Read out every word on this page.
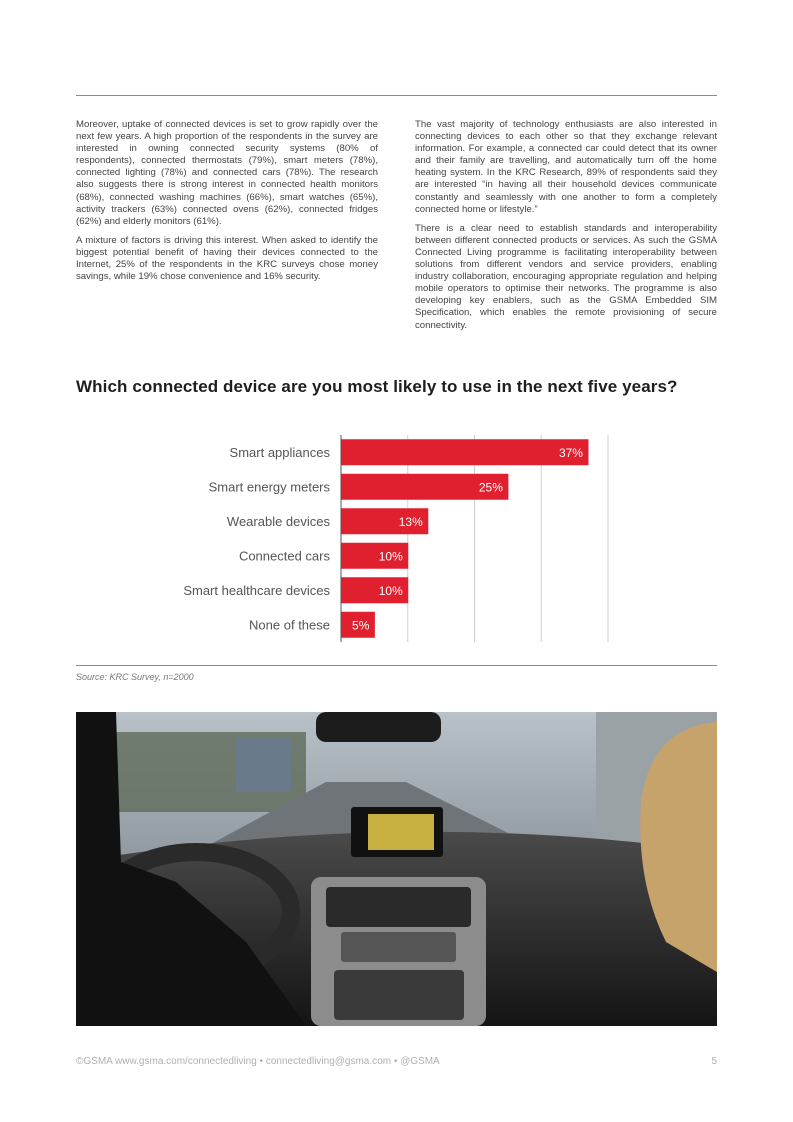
Moreover, uptake of connected devices is set to grow rapidly over the next few years. A high proportion of the respondents in the survey are interested in owning connected security systems (80% of respondents), connected thermostats (79%), smart meters (78%), connected lighting (78%) and connected cars (78%). The research also suggests there is strong interest in connected health monitors (68%), connected washing machines (66%), smart watches (65%), activity trackers (63%) connected ovens (62%), connected fridges (62%) and elderly monitors (61%).

A mixture of factors is driving this interest. When asked to identify the biggest potential benefit of having their devices connected to the Internet, 25% of the respondents in the KRC surveys chose money savings, while 19% chose convenience and 16% security.

The vast majority of technology enthusiasts are also interested in connecting devices to each other so that they exchange relevant information. For example, a connected car could detect that its owner and their family are travelling, and automatically turn off the home heating system. In the KRC Research, 89% of respondents said they are interested “in having all their household devices communicate constantly and seamlessly with one another to form a completely connected home or lifestyle.”

There is a clear need to establish standards and interoperability between different connected products or services. As such the GSMA Connected Living programme is facilitating interoperability between solutions from different vendors and service providers, enabling industry collaboration, encouraging appropriate regulation and helping mobile operators to optimise their networks. The programme is also developing key enablers, such as the GSMA Embedded SIM Specification, which enables the remote provisioning of secure connectivity.

Which connected device are you most likely to use in the next five years?
Smart appliances	37%
Smart energy meters	25%
Wearable devices	13%
Connected cars	10%
Smart healthcare devices	10%
None of these 5%
Source: KRC Survey, n=2000
©GSMA www.gsma.com/connectedliving • connectedliving@gsma.com • @GSMA	5
